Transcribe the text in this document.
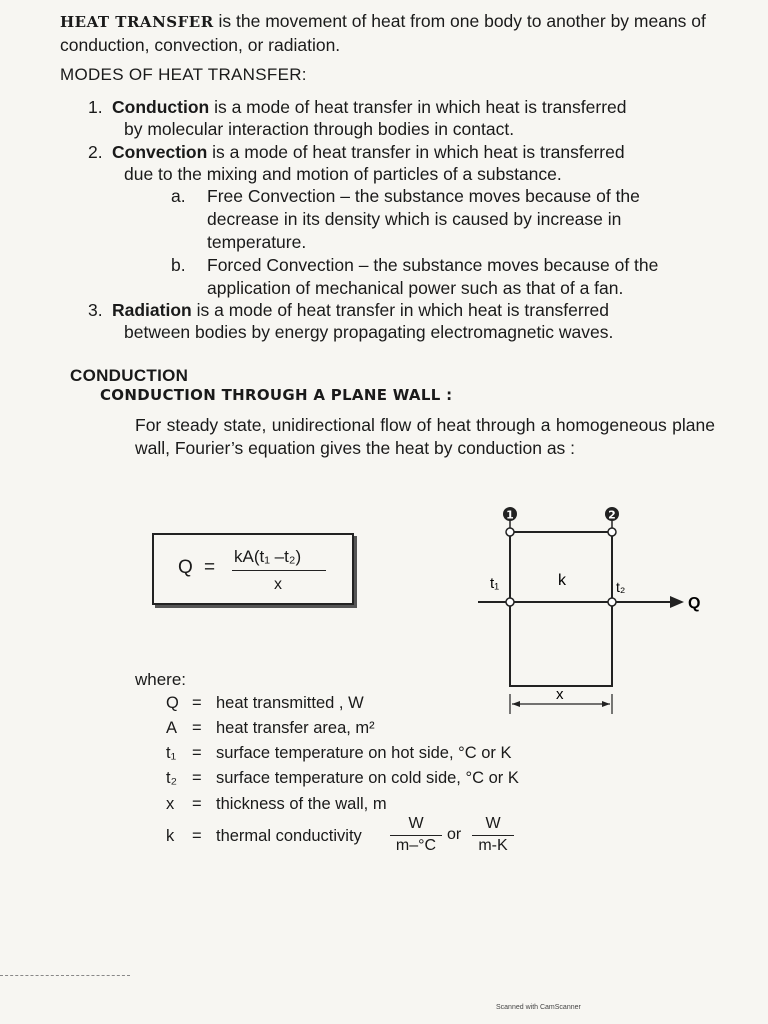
HEAT TRANSFER is the movement of heat from one body to another by means of conduction, convection, or radiation.
MODES OF HEAT TRANSFER:
1. Conduction is a mode of heat transfer in which heat is transferred
by molecular interaction through bodies in contact.
2. Convection is a mode of heat transfer in which heat is transferred
due to the mixing and motion of particles of a substance.
a. Free Convection – the substance moves because of the
decrease in its density which is caused by increase in
temperature.
b. Forced Convection – the substance moves because of the
application of mechanical power such as that of a fan.
3. Radiation is a mode of heat transfer in which heat is transferred
between bodies by energy propagating electromagnetic waves.
CONDUCTION
CONDUCTION THROUGH A PLANE WALL :
For steady state, unidirectional flow of heat through a homogeneous plane wall, Fourier’s equation gives the heat by conduction as :
Q =
kA(t₁ –t₂)
x
1	2
t₁	k	t₂
Q
x
where:
Q = heat transmitted , W
A = heat transfer area, m²
t₁ = surface temperature on hot side, °C or K
t₂ = surface temperature on cold side, °C or K
x	= thickness of the wall, m
k	= thermal conductivity $\frac{W}{m-^\circ C}$ or $\frac{W}{m-K}$
Scanned with CamScanner
